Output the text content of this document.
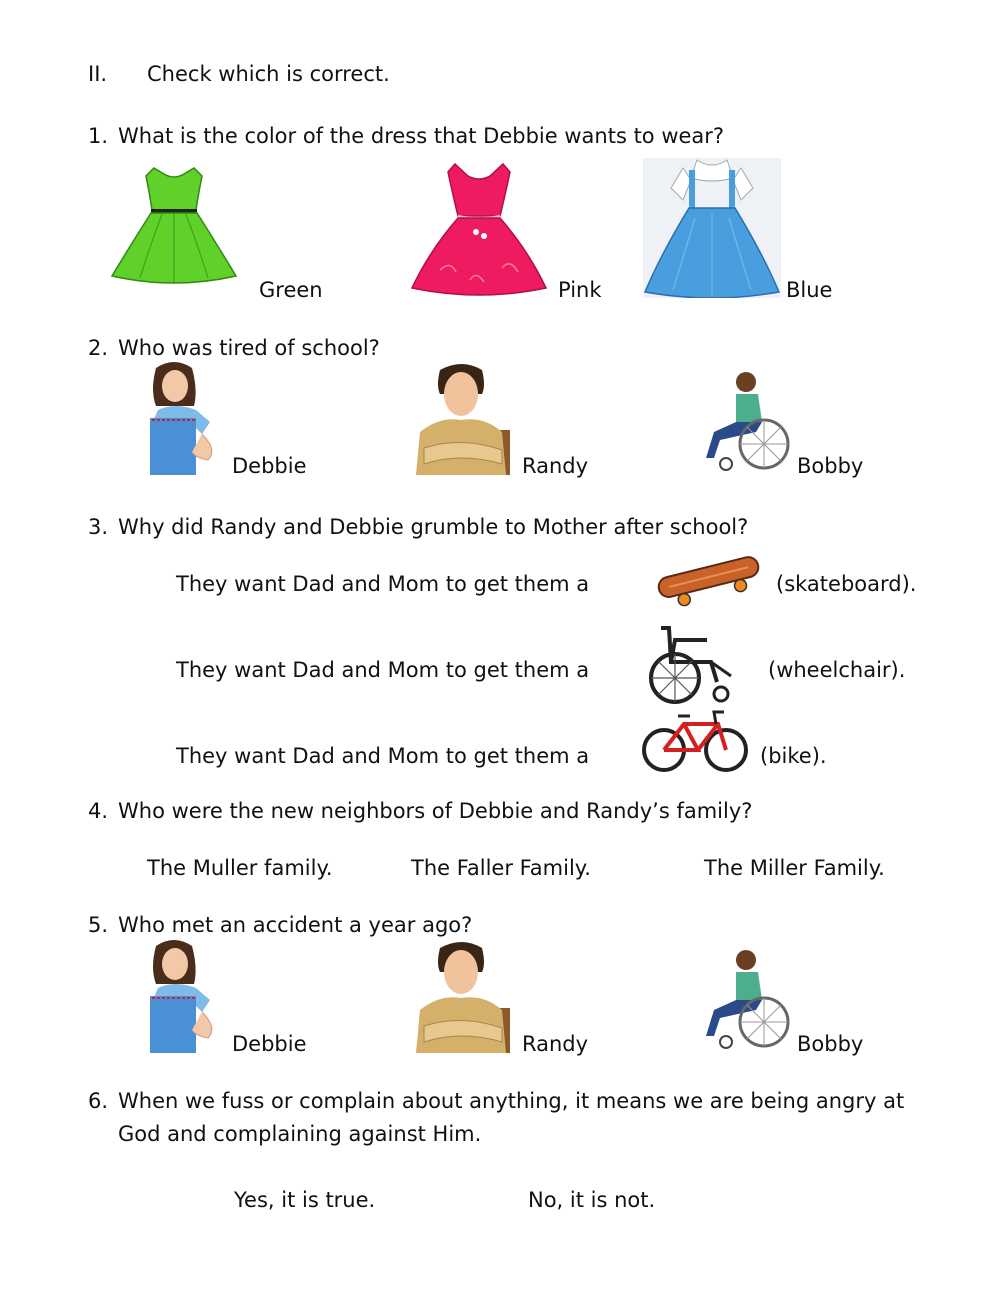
II. Check which is correct.
1. What is the color of the dress that Debbie wants to wear?
Green	Pink	Blue
2. Who was tired of school?
Debbie	Randy	Bobby
3. Why did Randy and Debbie grumble to Mother after school?
They want Dad and Mom to get them a	(skateboard).
They want Dad and Mom to get them a	(wheelchair).
They want Dad and Mom to get them a	(bike).
4. Who were the new neighbors of Debbie and Randy’s family?
The Muller family.	The Faller Family.	The Miller Family.
5. Who met an accident a year ago?
Debbie	Randy	Bobby
6. When we fuss or complain about anything, it means we are being angry at
God and complaining against Him.
Yes, it is true.	No, it is not.
